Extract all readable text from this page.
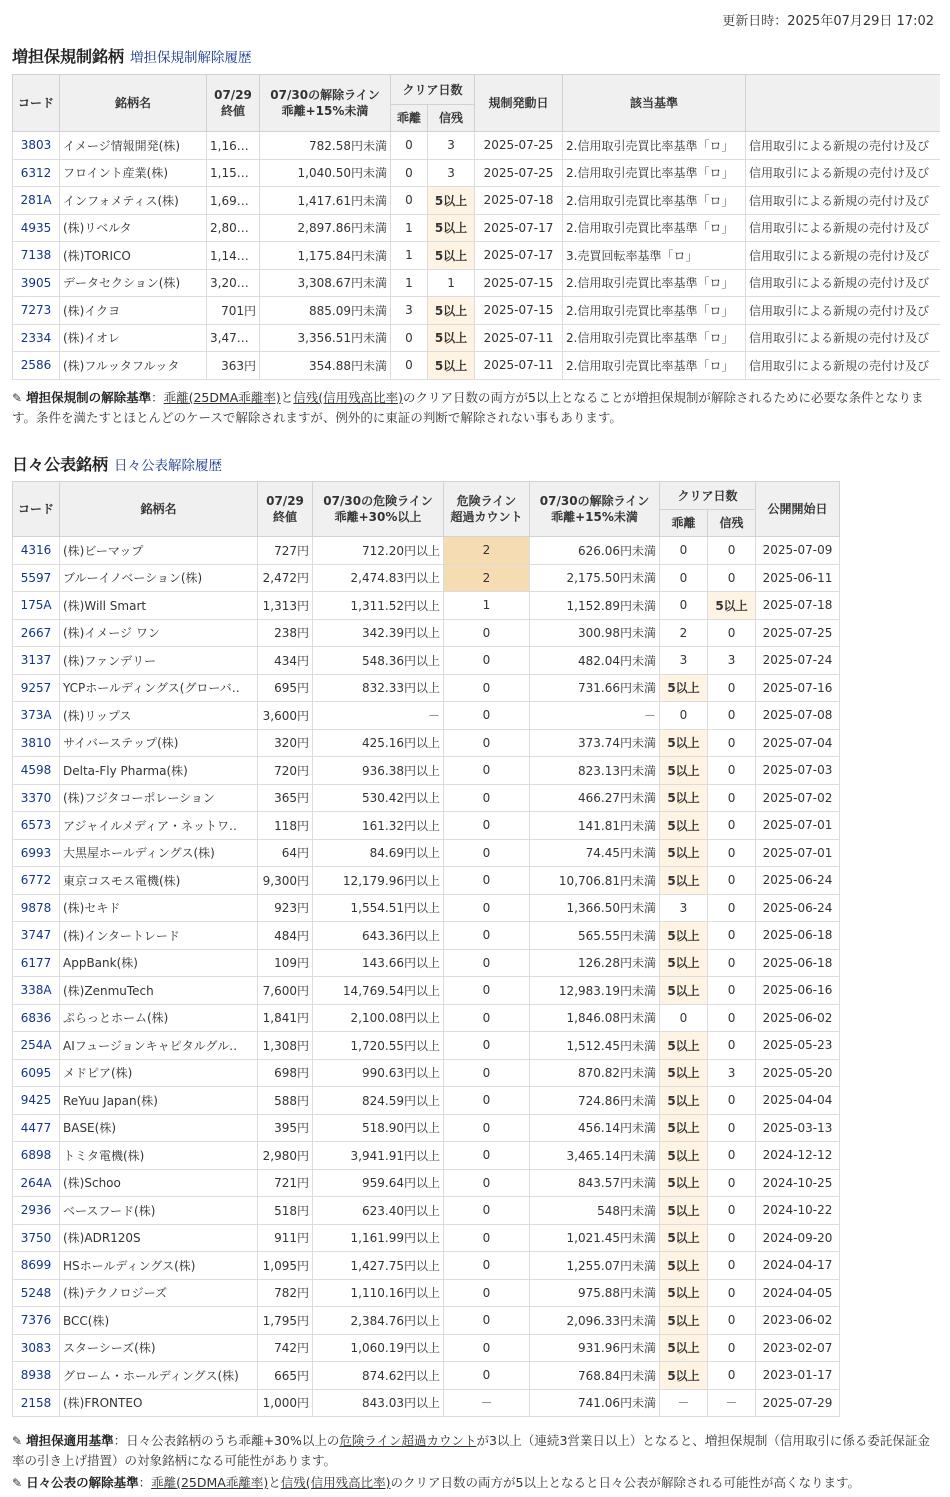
更新日時：2025年07月29日 17:02
増担保規制銘柄 増担保規制解除履歴
コード	銘柄名	07/29
終値	07/30の解除ライン
乖離+15%未満	クリア日数		規制発動日	該当基準	
				乖離	信残			
3803	イメージ情報開発(株)	1,160円	782.58円未満	0	3	2025-07-25	2.信用取引売買比率基準「ロ」	信用取引による新規の売付け及び
6312	フロイント産業(株)	1,155円	1,040.50円未満	0	3	2025-07-25	2.信用取引売買比率基準「ロ」	信用取引による新規の売付け及び
281A	インフォメティス(株)	1,699円	1,417.61円未満	0	5以上	2025-07-18	2.信用取引売買比率基準「ロ」	信用取引による新規の売付け及び
4935	(株)リベルタ	2,800円	2,897.86円未満	1	5以上	2025-07-17	2.信用取引売買比率基準「ロ」	信用取引による新規の売付け及び
7138	(株)TORICO	1,142円	1,175.84円未満	1	5以上	2025-07-17	3.売買回転率基準「ロ」	信用取引による新規の売付け及び
3905	データセクション(株)	3,200円	3,308.67円未満	1	1	2025-07-15	2.信用取引売買比率基準「ロ」	信用取引による新規の売付け及び
7273	(株)イクヨ	701円	885.09円未満	3	5以上	2025-07-15	2.信用取引売買比率基準「ロ」	信用取引による新規の売付け及び
2334	(株)イオレ	3,470円	3,356.51円未満	0	5以上	2025-07-11	2.信用取引売買比率基準「ロ」	信用取引による新規の売付け及び
2586	(株)フルッタフルッタ	363円	354.88円未満	0	5以上	2025-07-11	2.信用取引売買比率基準「ロ」	信用取引による新規の売付け及び
✎ 増担保規制の解除基準：乖離(25DMA乖離率)と信残(信用残高比率)のクリア日数の両方が5以上となることが増担保規制が解除されるために必要な条件となります。条件を満たすとほとんどのケースで解除されますが、例外的に東証の判断で解除されない事もあります。
日々公表銘柄 日々公表解除履歴
コード	銘柄名	07/29
終値	07/30の危険ライン
乖離+30%以上	危険ライン
超過カウント	07/30の解除ライン
乖離+15%未満	クリア日数		公開開始日
						乖離	信残	
4316	(株)ビーマップ	727円	712.20円以上	2	626.06円未満	0	0	2025-07-09
5597	ブルーイノベーション(株)	2,472円	2,474.83円以上	2	2,175.50円未満	0	0	2025-06-11
175A	(株)Will Smart	1,313円	1,311.52円以上	1	1,152.89円未満	0	5以上	2025-07-18
2667	(株)イメージ ワン	238円	342.39円以上	0	300.98円未満	2	0	2025-07-25
3137	(株)ファンデリー	434円	548.36円以上	0	482.04円未満	3	3	2025-07-24
9257	YCPホールディングス(グローバ‥	695円	832.33円以上	0	731.66円未満	5以上	0	2025-07-16
373A	(株)リップス	3,600円	－	0	－	0	0	2025-07-08
3810	サイバーステップ(株)	320円	425.16円以上	0	373.74円未満	5以上	0	2025-07-04
4598	Delta-Fly Pharma(株)	720円	936.38円以上	0	823.13円未満	5以上	0	2025-07-03
3370	(株)フジタコーポレーション	365円	530.42円以上	0	466.27円未満	5以上	0	2025-07-02
6573	アジャイルメディア・ネットワ‥	118円	161.32円以上	0	141.81円未満	5以上	0	2025-07-01
6993	大黒屋ホールディングス(株)	64円	84.69円以上	0	74.45円未満	5以上	0	2025-07-01
6772	東京コスモス電機(株)	9,300円	12,179.96円以上	0	10,706.81円未満	5以上	0	2025-06-24
9878	(株)セキド	923円	1,554.51円以上	0	1,366.50円未満	3	0	2025-06-24
3747	(株)インタートレード	484円	643.36円以上	0	565.55円未満	5以上	0	2025-06-18
6177	AppBank(株)	109円	143.66円以上	0	126.28円未満	5以上	0	2025-06-18
338A	(株)ZenmuTech	7,600円	14,769.54円以上	0	12,983.19円未満	5以上	0	2025-06-16
6836	ぷらっとホーム(株)	1,841円	2,100.08円以上	0	1,846.08円未満	0	0	2025-06-02
254A	AIフュージョンキャピタルグル‥	1,308円	1,720.55円以上	0	1,512.45円未満	5以上	0	2025-05-23
6095	メドピア(株)	698円	990.63円以上	0	870.82円未満	5以上	3	2025-05-20
9425	ReYuu Japan(株)	588円	824.59円以上	0	724.86円未満	5以上	0	2025-04-04
4477	BASE(株)	395円	518.90円以上	0	456.14円未満	5以上	0	2025-03-13
6898	トミタ電機(株)	2,980円	3,941.91円以上	0	3,465.14円未満	5以上	0	2024-12-12
264A	(株)Schoo	721円	959.64円以上	0	843.57円未満	5以上	0	2024-10-25
2936	ベースフード(株)	518円	623.40円以上	0	548円未満	5以上	0	2024-10-22
3750	(株)ADR120S	911円	1,161.99円以上	0	1,021.45円未満	5以上	0	2024-09-20
8699	HSホールディングス(株)	1,095円	1,427.75円以上	0	1,255.07円未満	5以上	0	2024-04-17
5248	(株)テクノロジーズ	782円	1,110.16円以上	0	975.88円未満	5以上	0	2024-04-05
7376	BCC(株)	1,795円	2,384.76円以上	0	2,096.33円未満	5以上	0	2023-06-02
3083	スターシーズ(株)	742円	1,060.19円以上	0	931.96円未満	5以上	0	2023-02-07
8938	グローム・ホールディングス(株)	665円	874.62円以上	0	768.84円未満	5以上	0	2023-01-17
2158	(株)FRONTEO	1,000円	843.03円以上	－	741.06円未満	－	－	2025-07-29
✎ 増担保適用基準：日々公表銘柄のうち乖離+30%以上の危険ライン超過カウントが3以上（連続3営業日以上）となると、増担保規制（信用取引に係る委託保証金率の引き上げ措置）の対象銘柄になる可能性があります。
✎ 日々公表の解除基準：乖離(25DMA乖離率)と信残(信用残高比率)のクリア日数の両方が5以上となると日々公表が解除される可能性が高くなります。
